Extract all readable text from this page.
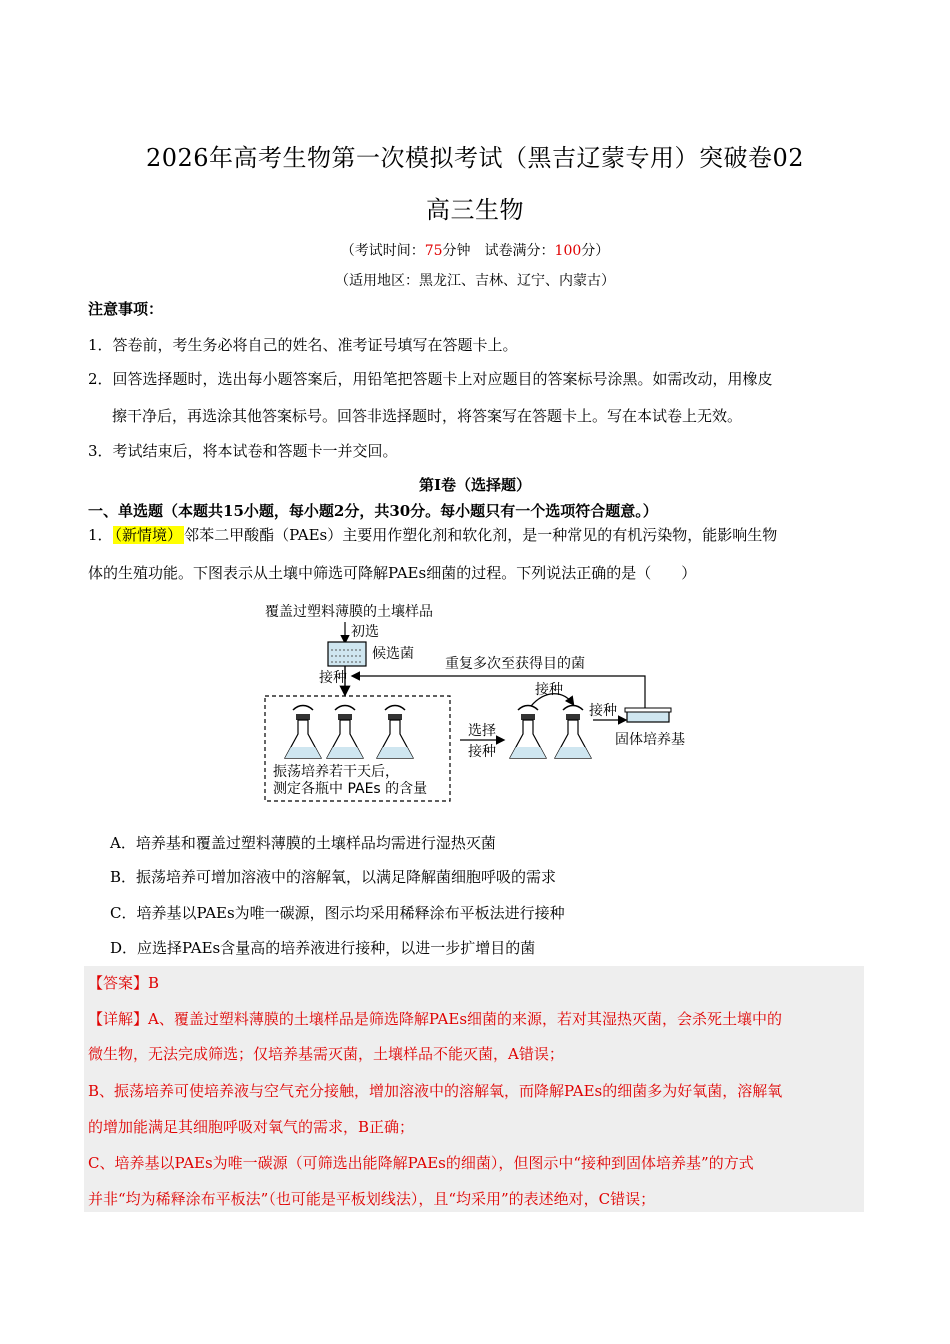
2026年高考生物第一次模拟考试（黑吉辽蒙专用）突破卷02
高三生物
（考试时间：75分钟　试卷满分：100分）
（适用地区：黑龙江、吉林、辽宁、内蒙古）
注意事项：
1．答卷前，考生务必将自己的姓名、准考证号填写在答题卡上。
2．回答选择题时，选出每小题答案后，用铅笔把答题卡上对应题目的答案标号涂黑。如需改动，用橡皮
擦干净后，再选涂其他答案标号。回答非选择题时，将答案写在答题卡上。写在本试卷上无效。
3．考试结束后，将本试卷和答题卡一并交回。
第I卷（选择题）
一、单选题（本题共15小题，每小题2分，共30分。每小题只有一个选项符合题意。）
1． （新情境） 邻苯二甲酸酯（PAEs）主要用作塑化剂和软化剂，是一种常见的有机污染物，能影响生物
体的生殖功能。下图表示从土壤中筛选可降解PAEs细菌的过程。下列说法正确的是（　　）
覆盖过塑料薄膜的土壤样品
初选
候选菌
接种
重复多次至获得目的菌
振荡培养若干天后，
测定各瓶中 PAEs 的含量
选择
接种
接种
接种
固体培养基
A．培养基和覆盖过塑料薄膜的土壤样品均需进行湿热灭菌
B．振荡培养可增加溶液中的溶解氧，以满足降解菌细胞呼吸的需求
C．培养基以PAEs为唯一碳源，图示均采用稀释涂布平板法进行接种
D．应选择PAEs含量高的培养液进行接种，以进一步扩增目的菌
【答案】B
【详解】A、覆盖过塑料薄膜的土壤样品是筛选降解PAEs细菌的来源，若对其湿热灭菌，会杀死土壤中的
微生物，无法完成筛选；仅培养基需灭菌，土壤样品不能灭菌，A错误；
B、振荡培养可使培养液与空气充分接触，增加溶液中的溶解氧，而降解PAEs的细菌多为好氧菌，溶解氧
的增加能满足其细胞呼吸对氧气的需求，B正确；
C、培养基以PAEs为唯一碳源（可筛选出能降解PAEs的细菌），但图示中“接种到固体培养基”的方式
并非“均为稀释涂布平板法”（也可能是平板划线法），且“均采用”的表述绝对，C错误；
